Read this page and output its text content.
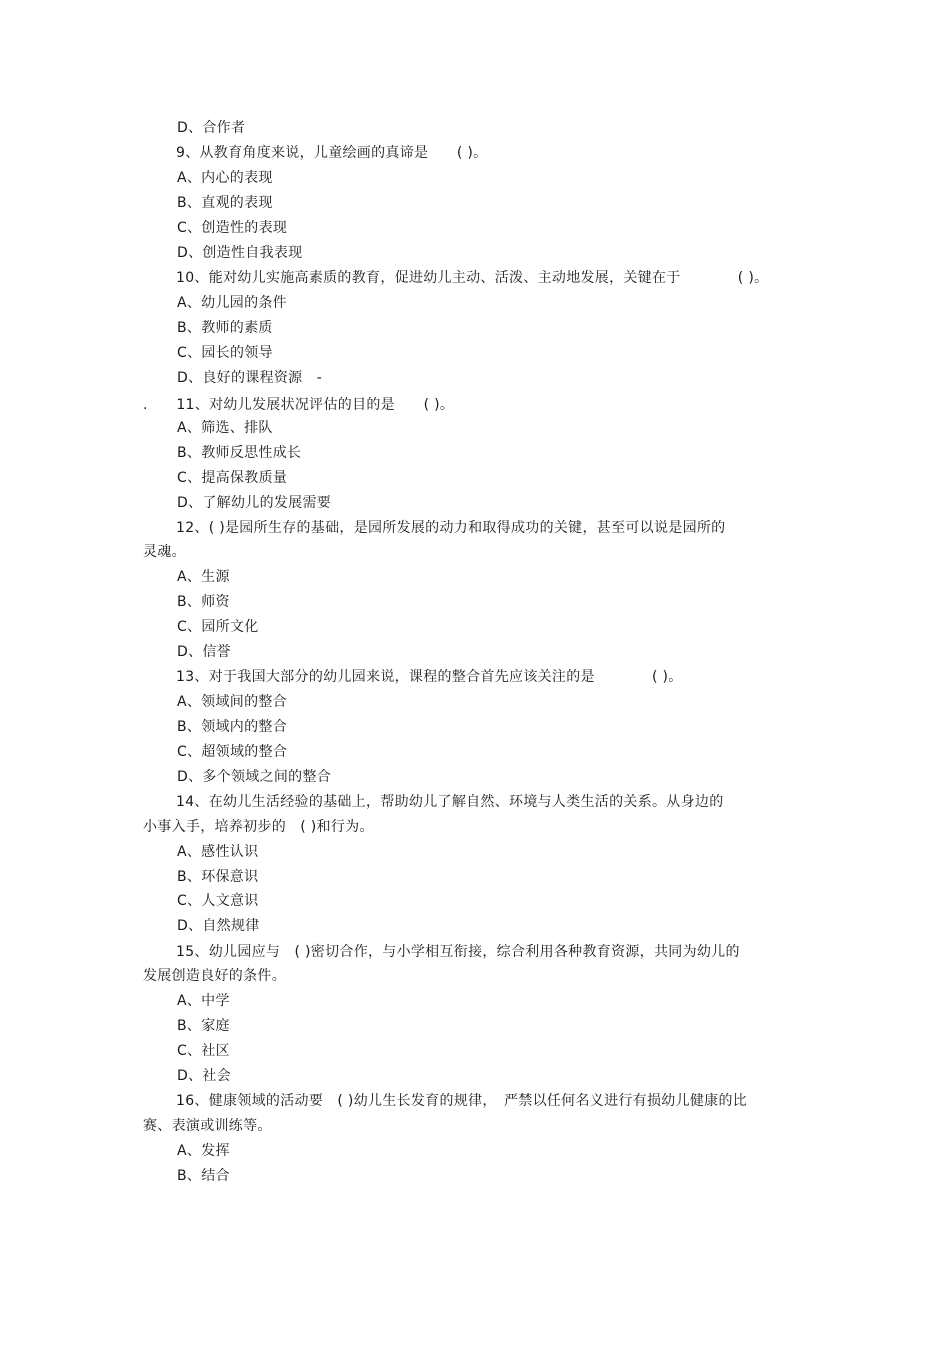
D、合作者
9、从教育角度来说，儿童绘画的真谛是　　( )。
A、内心的表现
B、直观的表现
C、创造性的表现
D、创造性自我表现
10、能对幼儿实施高素质的教育，促进幼儿主动、活泼、主动地发展，关键在于　　　　( )。
A、幼儿园的条件
B、教师的素质
C、园长的领导
D、良好的课程资源　-
.　　11、对幼儿发展状况评估的目的是　　( )。
A、筛选、排队
B、教师反思性成长
C、提高保教质量
D、了解幼儿的发展需要
12、( )是园所生存的基础，是园所发展的动力和取得成功的关键，甚至可以说是园所的
灵魂。
A、生源
B、师资
C、园所文化
D、信誉
13、对于我国大部分的幼儿园来说，课程的整合首先应该关注的是　　　　( )。
A、领域间的整合
B、领域内的整合
C、超领域的整合
D、多个领域之间的整合
14、在幼儿生活经验的基础上，帮助幼儿了解自然、环境与人类生活的关系。从身边的
小事入手，培养初步的　( )和行为。
A、感性认识
B、环保意识
C、人文意识
D、自然规律
15、幼儿园应与　( )密切合作，与小学相互衔接，综合利用各种教育资源，共同为幼儿的
发展创造良好的条件。
A、中学
B、家庭
C、社区
D、社会
16、健康领域的活动要　( )幼儿生长发育的规律，　严禁以任何名义进行有损幼儿健康的比
赛、表演或训练等。
A、发挥
B、结合
